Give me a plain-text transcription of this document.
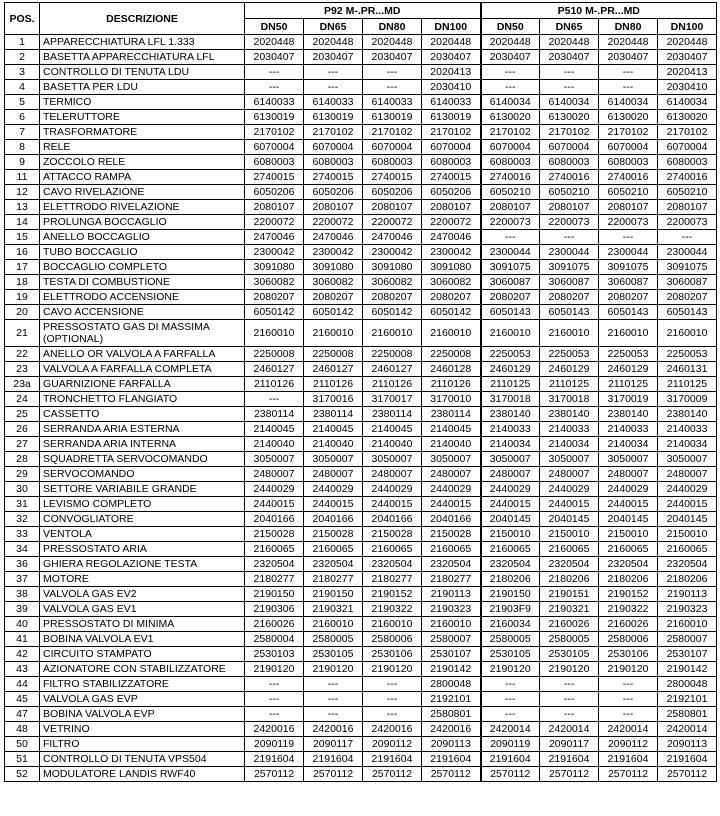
POS.	DESCRIZIONE	P92 M-.PR...MD				P510 M-.PR...MD			
		DN50	DN65	DN80	DN100	DN50	DN65	DN80	DN100
1	APPARECCHIATURA LFL 1.333	2020448	2020448	2020448	2020448	2020448	2020448	2020448	2020448
2	BASETTA APPARECCHIATURA LFL	2030407	2030407	2030407	2030407	2030407	2030407	2030407	2030407
3	CONTROLLO DI TENUTA LDU	---	---	---	2020413	---	---	---	2020413
4	BASETTA PER LDU	---	---	---	2030410	---	---	---	2030410
5	TERMICO	6140033	6140033	6140033	6140033	6140034	6140034	6140034	6140034
6	TELERUTTORE	6130019	6130019	6130019	6130019	6130020	6130020	6130020	6130020
7	TRASFORMATORE	2170102	2170102	2170102	2170102	2170102	2170102	2170102	2170102
8	RELE	6070004	6070004	6070004	6070004	6070004	6070004	6070004	6070004
9	ZOCCOLO RELE	6080003	6080003	6080003	6080003	6080003	6080003	6080003	6080003
11	ATTACCO RAMPA	2740015	2740015	2740015	2740015	2740016	2740016	2740016	2740016
12	CAVO RIVELAZIONE	6050206	6050206	6050206	6050206	6050210	6050210	6050210	6050210
13	ELETTRODO RIVELAZIONE	2080107	2080107	2080107	2080107	2080107	2080107	2080107	2080107
14	PROLUNGA BOCCAGLIO	2200072	2200072	2200072	2200072	2200073	2200073	2200073	2200073
15	ANELLO BOCCAGLIO	2470046	2470046	2470046	2470046	---	---	---	---
16	TUBO BOCCAGLIO	2300042	2300042	2300042	2300042	2300044	2300044	2300044	2300044
17	BOCCAGLIO COMPLETO	3091080	3091080	3091080	3091080	3091075	3091075	3091075	3091075
18	TESTA DI COMBUSTIONE	3060082	3060082	3060082	3060082	3060087	3060087	3060087	3060087
19	ELETTRODO ACCENSIONE	2080207	2080207	2080207	2080207	2080207	2080207	2080207	2080207
20	CAVO ACCENSIONE	6050142	6050142	6050142	6050142	6050143	6050143	6050143	6050143
21	PRESSOSTATO GAS DI MASSIMA (OPTIONAL)	2160010	2160010	2160010	2160010	2160010	2160010	2160010	2160010
22	ANELLO OR VALVOLA A FARFALLA	2250008	2250008	2250008	2250008	2250053	2250053	2250053	2250053
23	VALVOLA A FARFALLA COMPLETA	2460127	2460127	2460127	2460128	2460129	2460129	2460129	2460131
23a	GUARNIZIONE FARFALLA	2110126	2110126	2110126	2110126	2110125	2110125	2110125	2110125
24	TRONCHETTO FLANGIATO	---	3170016	3170017	3170010	3170018	3170018	3170019	3170009
25	CASSETTO	2380114	2380114	2380114	2380114	2380140	2380140	2380140	2380140
26	SERRANDA ARIA ESTERNA	2140045	2140045	2140045	2140045	2140033	2140033	2140033	2140033
27	SERRANDA ARIA INTERNA	2140040	2140040	2140040	2140040	2140034	2140034	2140034	2140034
28	SQUADRETTA SERVOCOMANDO	3050007	3050007	3050007	3050007	3050007	3050007	3050007	3050007
29	SERVOCOMANDO	2480007	2480007	2480007	2480007	2480007	2480007	2480007	2480007
30	SETTORE VARIABILE GRANDE	2440029	2440029	2440029	2440029	2440029	2440029	2440029	2440029
31	LEVISMO COMPLETO	2440015	2440015	2440015	2440015	2440015	2440015	2440015	2440015
32	CONVOGLIATORE	2040166	2040166	2040166	2040166	2040145	2040145	2040145	2040145
33	VENTOLA	2150028	2150028	2150028	2150028	2150010	2150010	2150010	2150010
34	PRESSOSTATO ARIA	2160065	2160065	2160065	2160065	2160065	2160065	2160065	2160065
36	GHIERA REGOLAZIONE TESTA	2320504	2320504	2320504	2320504	2320504	2320504	2320504	2320504
37	MOTORE	2180277	2180277	2180277	2180277	2180206	2180206	2180206	2180206
38	VALVOLA GAS EV2	2190150	2190150	2190152	2190113	2190150	2190151	2190152	2190113
39	VALVOLA GAS EV1	2190306	2190321	2190322	2190323	21903F9	2190321	2190322	2190323
40	PRESSOSTATO DI MINIMA	2160026	2160010	2160010	2160010	2160034	2160026	2160026	2160010
41	BOBINA VALVOLA EV1	2580004	2580005	2580006	2580007	2580005	2580005	2580006	2580007
42	CIRCUITO STAMPATO	2530103	2530105	2530106	2530107	2530105	2530105	2530106	2530107
43	AZIONATORE CON STABILIZZATORE	2190120	2190120	2190120	2190142	2190120	2190120	2190120	2190142
44	FILTRO STABILIZZATORE	---	---	---	2800048	---	---	---	2800048
45	VALVOLA GAS EVP	---	---	---	2192101	---	---	---	2192101
47	BOBINA VALVOLA EVP	---	---	---	2580801	---	---	---	2580801
48	VETRINO	2420016	2420016	2420016	2420016	2420014	2420014	2420014	2420014
50	FILTRO	2090119	2090117	2090112	2090113	2090119	2090117	2090112	2090113
51	CONTROLLO DI TENUTA VPS504	2191604	2191604	2191604	2191604	2191604	2191604	2191604	2191604
52	MODULATORE LANDIS RWF40	2570112	2570112	2570112	2570112	2570112	2570112	2570112	2570112
